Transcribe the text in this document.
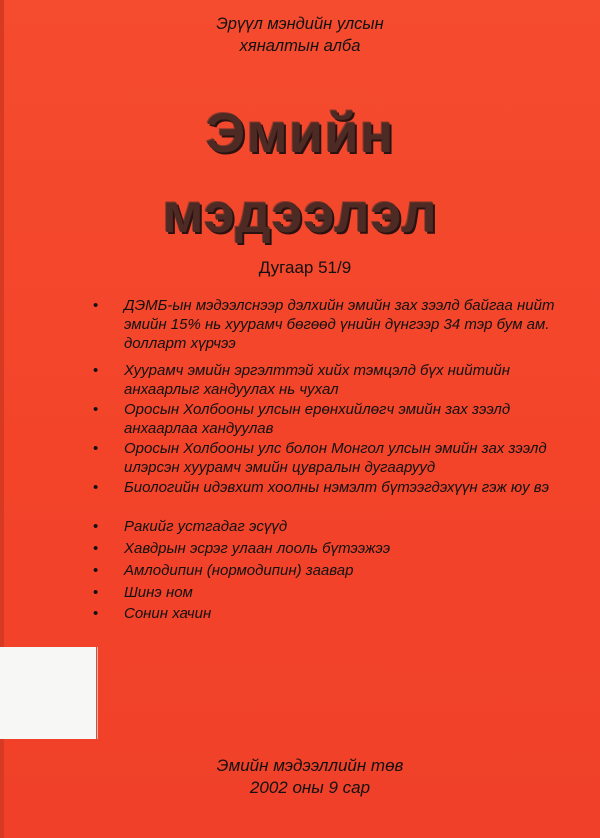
Эрүүл мэндийн улсын
хяналтын алба
Эмийн
мэдээлэл
Дугаар 51/9
• ДЭМБ-ын мэдээлснээр дэлхийн эмийн зах зээлд байгаа нийт эмийн 15% нь хуурамч бөгөөд үнийн дүнгээр 34 тэр бум ам. долларт хүрчээ
• Хуурамч эмийн эргэлттэй хийх тэмцэлд бүх нийтийн анхаарлыг хандуулах нь чухал
• Оросын Холбооны улсын ерөнхийлөгч эмийн зах зээлд анхаарлаа хандуулав
• Оросын Холбооны улс болон Монгол улсын эмийн зах зээлд илэрсэн хуурамч эмийн цувралын дугаарууд
• Биологийн идэвхит хоолны нэмэлт бүтээгдэхүүн гэж юу вэ
• Ракийг устгадаг эсүүд
• Хавдрын эсрэг улаан лооль бүтээжээ
• Амлодипин (нормодипин) заавар
• Шинэ ном
• Сонин хачин
Эмийн мэдээллийн төв
2002 оны 9 сар
